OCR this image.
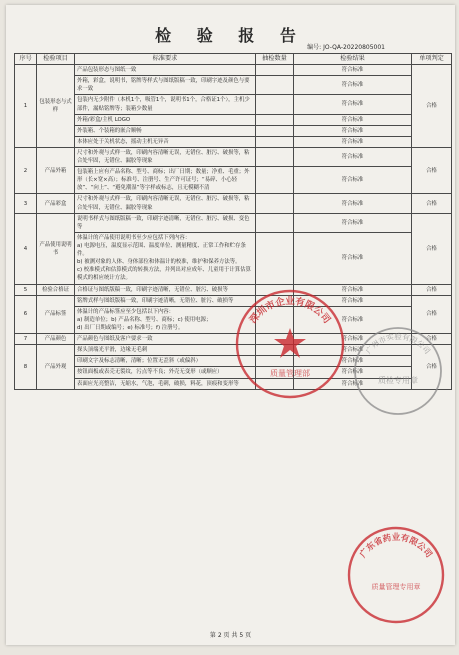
检 验 报 告
编号: JO-QA-20220805001
序号	检验项目	标准要求	抽检数量	检验结果	单项判定
1	包装形态与式样	产品包装形态与图纸一致		符合标准	合格
		外箱，彩盒，说明书，铭牌等样式与图纸版稿一致，印刷字迹及颜色与要求一致		符合标准	
		包装内无少附件（本机1个，吸管1个，说明书1个，合格证1个），主机少部件，漏贴铭牌等；装箱少数量		符合标准	
		外箱/彩盒/主机 LOGO		符合标准	
		外装箱、个装箱的嵌合顺畅		符合标准	
		本体应处于关机状态，摇动主机无异音		符合标准	
2	产品外箱	尺寸和外观与式样一致，印刷内容清晰无误，无错位、脏污、破损等，粘合处牢固，无错位、漏胶等现象		符合标准	合格
		包装箱上应有产品名称、型号、商标；出厂日期；数量；净重、毛重；外形（长×宽×高）；标准号、注册号、生产许可证号；“易碎、小心轻放”、“向上”、“避免潮湿”等字样或标志，且无模糊不清		符合标准	
3	产品彩盒	尺寸和外观与式样一致，印刷内容清晰无误，无错位、脏污、破损等，粘合处牢固，无错位、漏胶等现象		符合标准	合格
4	产品使用说明书	说明书样式与图纸版稿一致，印刷字迹清晰，无错位、脏污、破损、变色等		符合标准	合格
		体温计的产品使用说明书至少应包括下列内容：
a) 电源电压，温度显示范围、温度单位、测量精度、正常工作和贮存条件。
b) 被测对象的人体、身体部位和体温计的校准，维护和保养方法等。
c) 校准模式和估算模式的转换方法，并列出对应成年、儿童用于计算估算模式的相应统计方法。		符合标准	
5	检验合格证	合格证与图纸版稿一致，印刷字迹清晰，无错位、脏污、破损等		符合标准	合格
6	产品标签	铭牌式样与图纸版稿一致，印刷字迹清晰，无错位、脏污、破损等		符合标准	合格
		体温计的产品标签应至少包括以下内容：
a) 制造单位；b) 产品名称、型号、商标；c) 使用电源；
d) 出厂日期或编号；e) 标准号；f) 注册号。		符合标准	
7	产品颜色	产品颜色与图纸及客户要求一致		符合标准	合格
8	产品外观	探头顶端光平滑，边缘无毛刺		符合标准	合格
		印刷文字及标志清晰，清晰；位置无歪斜（或偏斜）		符合标准	
		按钮面板或表壳无裂纹，污点等不良；外壳无变形（或顺应）		符合标准	
		表面应光亮整洁，无缩水，气泡，毛刺，破损，料花，顶痕和变形等		符合标准	
深圳市企业有限公司
质量管理部
广州市实验有限公司
质检专用章
广东省药业有限公司
质量管理专用章
第 2 页 共 5 页
